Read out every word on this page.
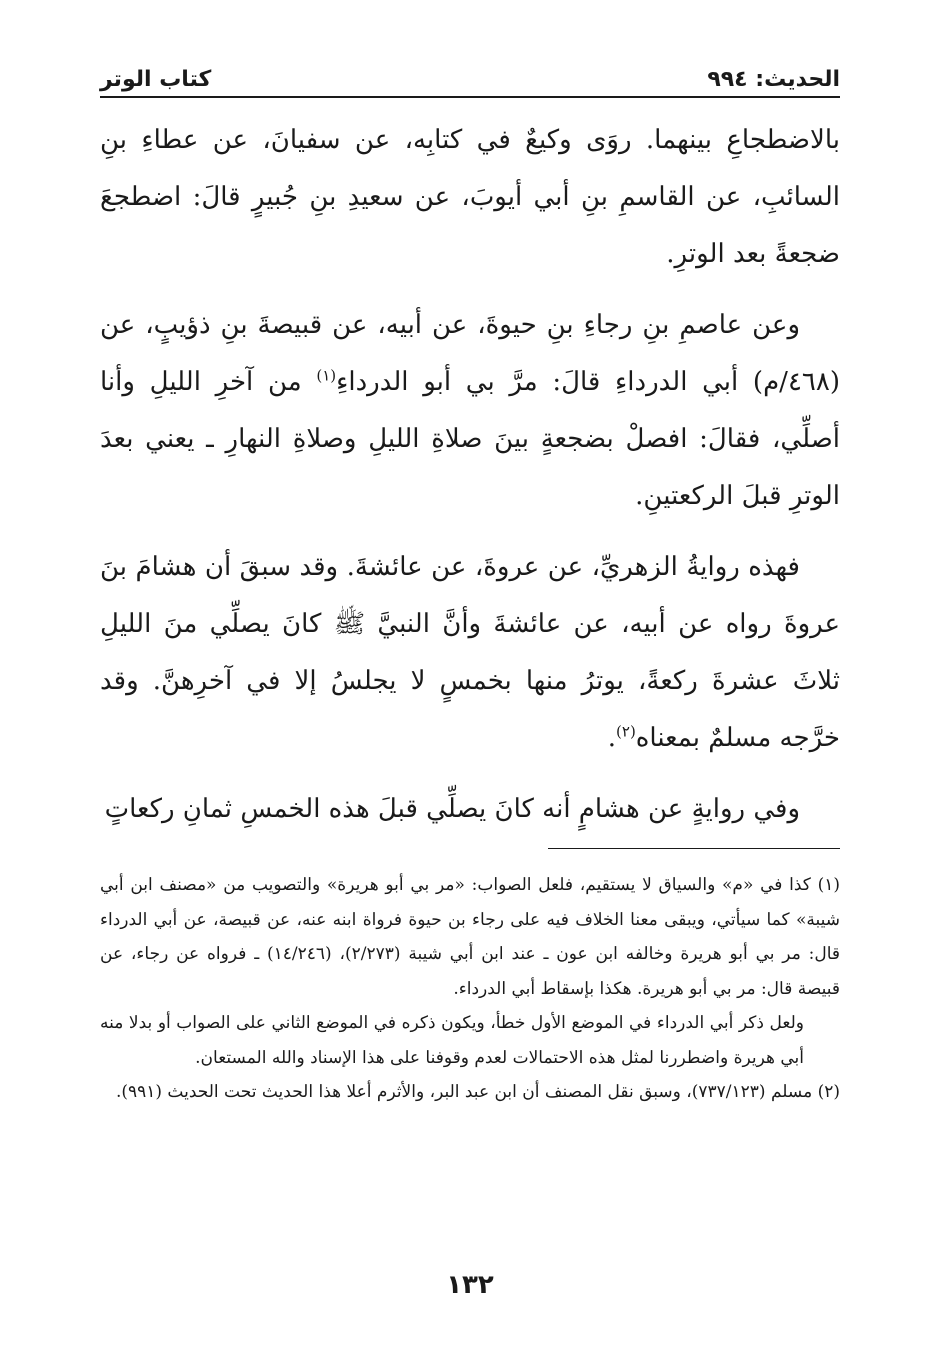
الحديث: ٩٩٤
كتاب الوتر

بالاضطجاعِ بينهما. روَى وكيعٌ في كتابِه، عن سفيانَ، عن عطاءِ بنِ السائبِ، عن القاسمِ بنِ أبي أيوبَ، عن سعيدِ بنِ جُبيرٍ قالَ: اضطجعَ ضجعةً بعد الوترِ.

وعن عاصمِ بنِ رجاءِ بنِ حيوةَ، عن أبيه، عن قبيصةَ بنِ ذؤيبٍ، عن (٤٦٨/م) أبي الدرداءِ قالَ: مرَّ بي أبو الدرداءِ$^{(١)}$ من آخرِ الليلِ وأنا أصلِّي، فقالَ: افصلْ بضجعةٍ بينَ صلاةِ الليلِ وصلاةِ النهارِ ـ يعني بعدَ الوترِ قبلَ الركعتينِ.

فهذه روايةُ الزهريِّ، عن عروةَ، عن عائشةَ. وقد سبقَ أن هشامَ بنَ عروةَ رواه عن أبيه، عن عائشةَ وأنَّ النبيَّ ﷺ كانَ يصلِّي منَ الليلِ ثلاثَ عشرةَ ركعةً، يوترُ منها بخمسٍ لا يجلسُ إلا في آخرِهنَّ. وقد خرَّجه مسلمٌ بمعناه$^{(٢)}$.

وفي روايةٍ عن هشامٍ أنه كانَ يصلِّي قبلَ هذه الخمسِ ثمانِ ركعاتٍ

(١) كذا في «م» والسياق لا يستقيم، فلعل الصواب: «مر بي أبو هريرة» والتصويب من «مصنف ابن أبي شيبة» كما سيأتي، ويبقى معنا الخلاف فيه على رجاء بن حيوة فرواة ابنه عنه، عن قبيصة، عن أبي الدرداء قال: مر بي أبو هريرة وخالفه ابن عون ـ عند ابن أبي شيبة (٢/٢٧٣)، (١٤/٢٤٦) ـ فرواه عن رجاء، عن قبيصة قال: مر بي أبو هريرة. هكذا بإسقاط أبي الدرداء.

ولعل ذكر أبي الدرداء في الموضع الأول خطأ، ويكون ذكره في الموضع الثاني على الصواب أو بدلا منه أبي هريرة واضطررنا لمثل هذه الاحتمالات لعدم وقوفنا على هذا الإسناد والله المستعان.

(٢) مسلم (٧٣٧/١٢٣)، وسبق نقل المصنف أن ابن عبد البر، والأثرم أعلا هذا الحديث تحت الحديث (٩٩١).

١٣٢
